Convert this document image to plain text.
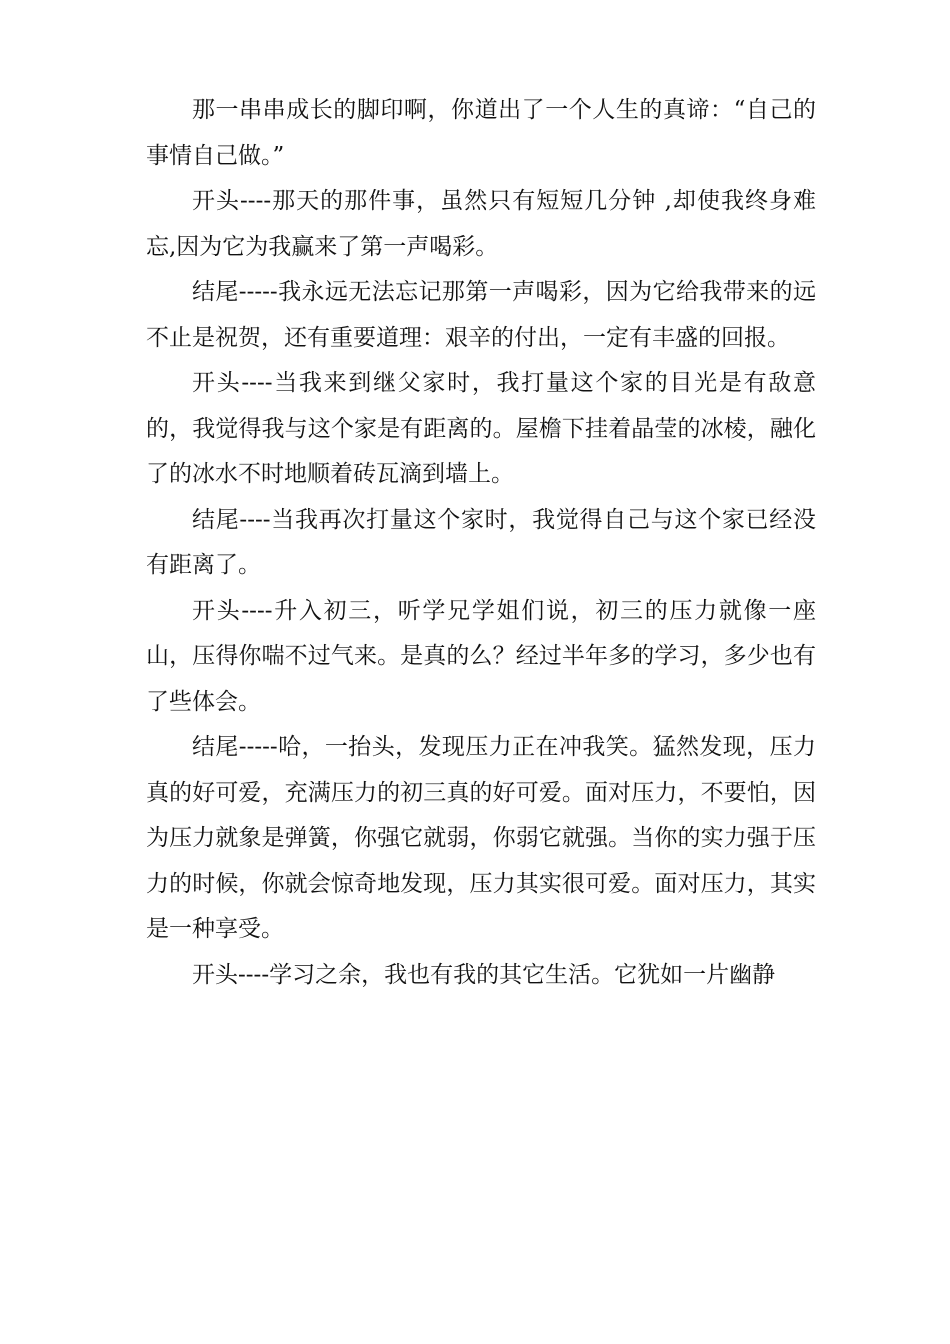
那一串串成长的脚印啊，你道出了一个人生的真谛：“自己的事情自己做。”

开头----那天的那件事，虽然只有短短几分钟 ,却使我终身难忘,因为它为我赢来了第一声喝彩。

结尾-----我永远无法忘记那第一声喝彩，因为它给我带来的远不止是祝贺，还有重要道理：艰辛的付出，一定有丰盛的回报。

开头----当我来到继父家时，我打量这个家的目光是有敌意的，我觉得我与这个家是有距离的。屋檐下挂着晶莹的冰棱，融化了的冰水不时地顺着砖瓦滴到墙上。

结尾----当我再次打量这个家时，我觉得自己与这个家已经没有距离了。

开头----升入初三，听学兄学姐们说，初三的压力就像一座山，压得你喘不过气来。是真的么？经过半年多的学习，多少也有了些体会。

结尾-----哈，一抬头，发现压力正在冲我笑。猛然发现，压力真的好可爱，充满压力的初三真的好可爱。面对压力，不要怕，因为压力就象是弹簧，你强它就弱，你弱它就强。当你的实力强于压力的时候，你就会惊奇地发现，压力其实很可爱。面对压力，其实是一种享受。

开头----学习之余，我也有我的其它生活。它犹如一片幽静
